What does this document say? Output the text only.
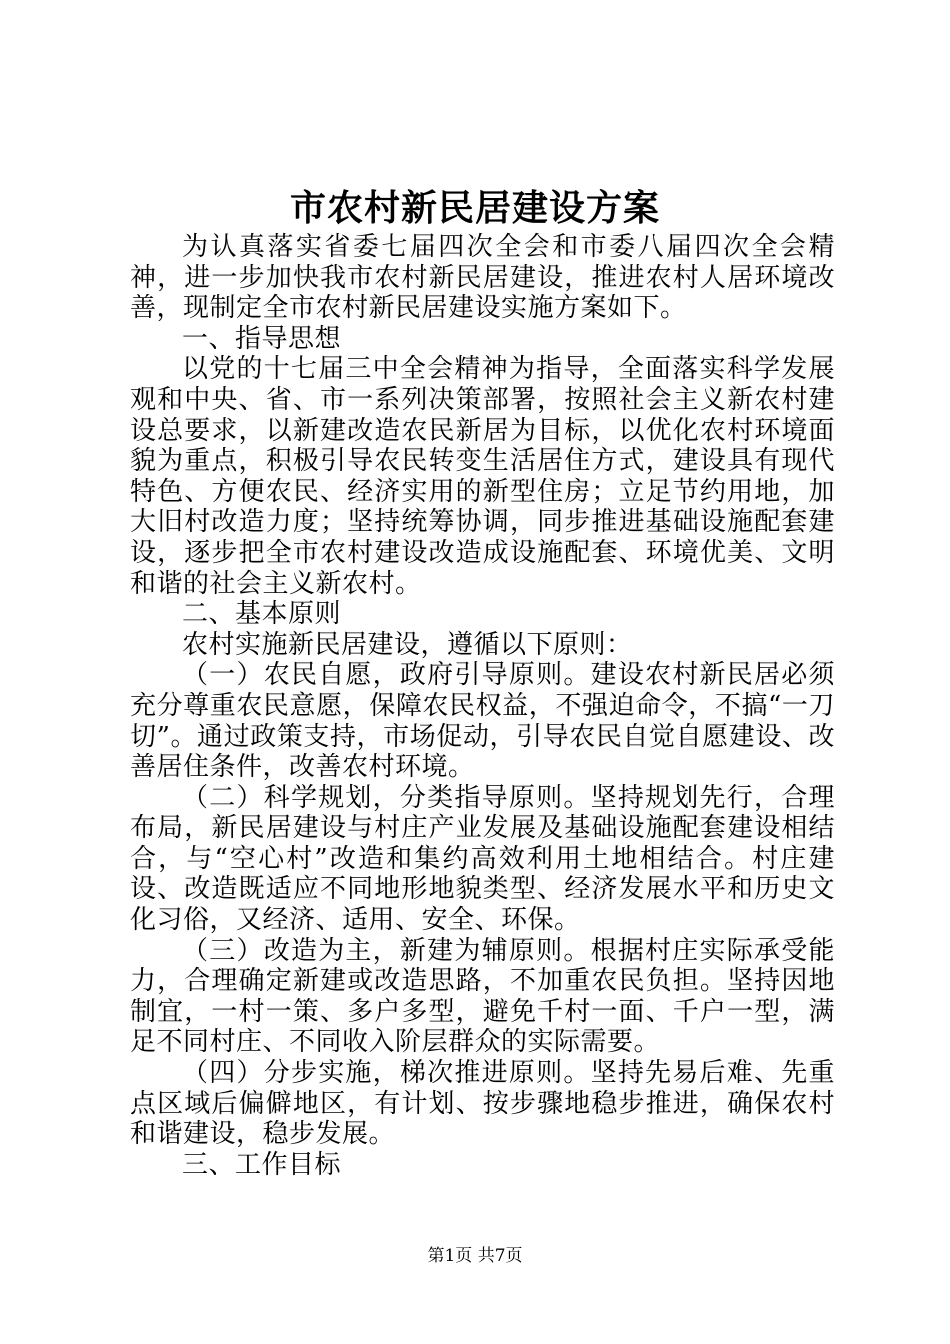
市农村新民居建设方案

为认真落实省委七届四次全会和市委八届四次全会精神，进一步加快我市农村新民居建设，推进农村人居环境改善，现制定全市农村新民居建设实施方案如下。

一、指导思想

以党的十七届三中全会精神为指导，全面落实科学发展观和中央、省、市一系列决策部署，按照社会主义新农村建设总要求，以新建改造农民新居为目标，以优化农村环境面貌为重点，积极引导农民转变生活居住方式，建设具有现代特色、方便农民、经济实用的新型住房；立足节约用地，加大旧村改造力度；坚持统筹协调，同步推进基础设施配套建设，逐步把全市农村建设改造成设施配套、环境优美、文明和谐的社会主义新农村。

二、基本原则

农村实施新民居建设，遵循以下原则：

（一）农民自愿，政府引导原则。建设农村新民居必须充分尊重农民意愿，保障农民权益，不强迫命令，不搞“一刀切”。通过政策支持，市场促动，引导农民自觉自愿建设、改善居住条件，改善农村环境。

（二）科学规划，分类指导原则。坚持规划先行，合理布局，新民居建设与村庄产业发展及基础设施配套建设相结合，与“空心村”改造和集约高效利用土地相结合。村庄建设、改造既适应不同地形地貌类型、经济发展水平和历史文化习俗，又经济、适用、安全、环保。

（三）改造为主，新建为辅原则。根据村庄实际承受能力，合理确定新建或改造思路，不加重农民负担。坚持因地制宜，一村一策、多户多型，避免千村一面、千户一型，满足不同村庄、不同收入阶层群众的实际需要。

（四）分步实施，梯次推进原则。坚持先易后难、先重点区域后偏僻地区，有计划、按步骤地稳步推进，确保农村和谐建设，稳步发展。

三、工作目标

第1页 共7页
